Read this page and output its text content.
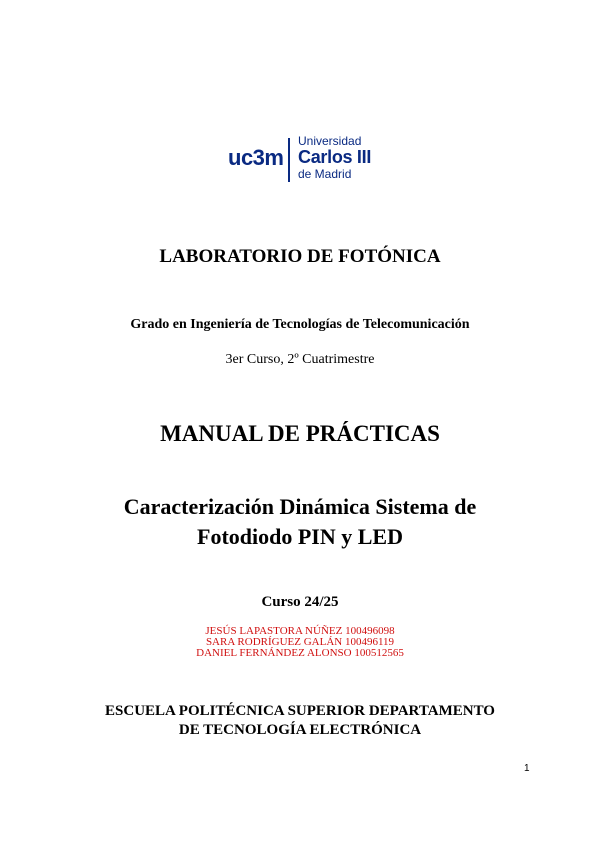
uc3m
Universidad
Carlos III
de Madrid
LABORATORIO DE FOTÓNICA
Grado en Ingeniería de Tecnologías de Telecomunicación
3er Curso, 2º Cuatrimestre
MANUAL DE PRÁCTICAS
Caracterización Dinámica Sistema de
Fotodiodo PIN y LED
Curso 24/25
JESÚS LAPASTORA NÚÑEZ 100496098
SARA RODRÍGUEZ GALÁN 100496119
DANIEL FERNÁNDEZ ALONSO 100512565
ESCUELA POLITÉCNICA SUPERIOR DEPARTAMENTO
DE TECNOLOGÍA ELECTRÓNICA
1
